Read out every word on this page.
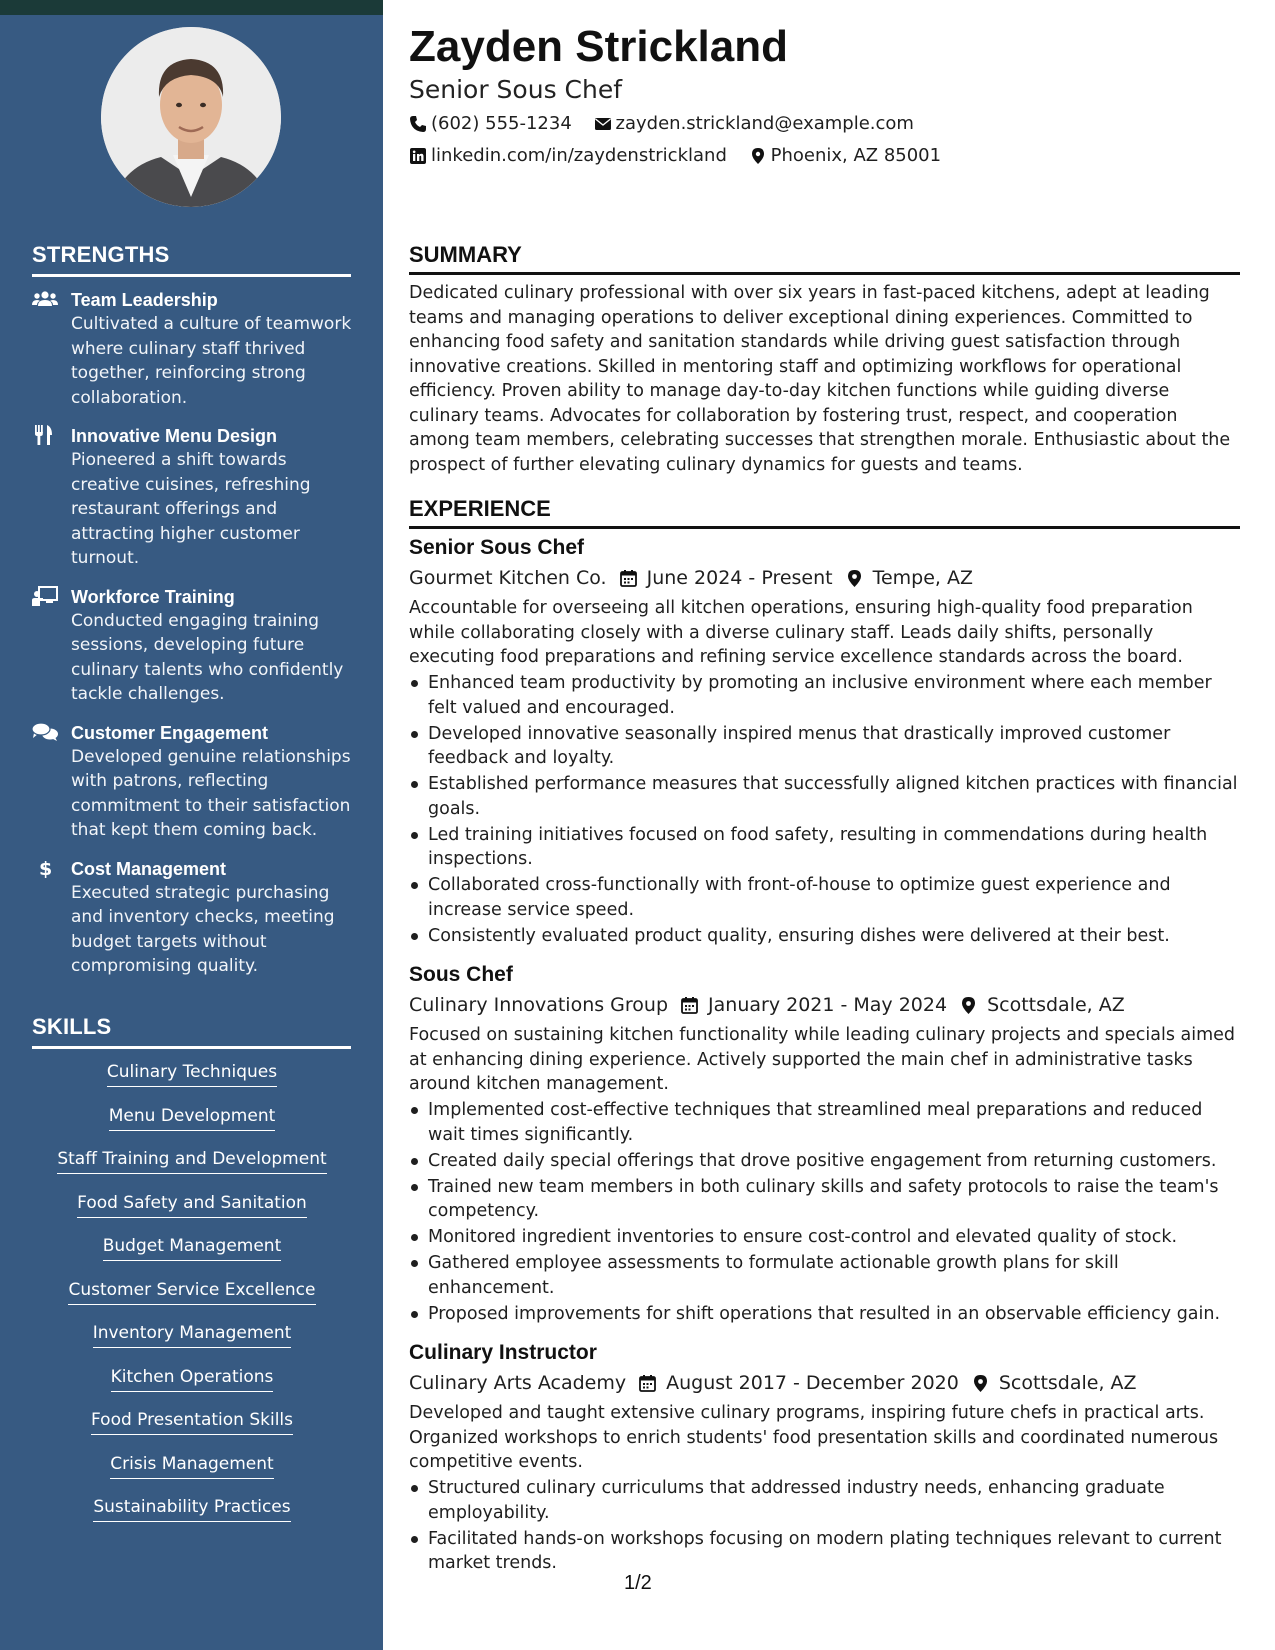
STRENGTHS
Team Leadership
Cultivated a culture of teamwork where culinary staff thrived together, reinforcing strong collaboration.
Innovative Menu Design
Pioneered a shift towards creative cuisines, refreshing restaurant offerings and attracting higher customer turnout.
Workforce Training
Conducted engaging training sessions, developing future culinary talents who confidently tackle challenges.
Customer Engagement
Developed genuine relationships with patrons, reflecting commitment to their satisfaction that kept them coming back.
$ Cost Management
Executed strategic purchasing and inventory checks, meeting budget targets without compromising quality.
SKILLS
Culinary Techniques
Menu Development
Staff Training and Development
Food Safety and Sanitation
Budget Management
Customer Service Excellence
Inventory Management
Kitchen Operations
Food Presentation Skills
Crisis Management
Sustainability Practices
Zayden Strickland
Senior Sous Chef
(602) 555-1234
zayden.strickland@example.com
linkedin.com/in/zaydenstrickland
Phoenix, AZ 85001
SUMMARY

Dedicated culinary professional with over six years in fast-paced kitchens, adept at leading teams and managing operations to deliver exceptional dining experiences. Committed to enhancing food safety and sanitation standards while driving guest satisfaction through innovative creations. Skilled in mentoring staff and optimizing workflows for operational efficiency. Proven ability to manage day-to-day kitchen functions while guiding diverse culinary teams. Advocates for collaboration by fostering trust, respect, and cooperation among team members, celebrating successes that strengthen morale. Enthusiastic about the prospect of further elevating culinary dynamics for guests and teams.

EXPERIENCE
Senior Sous Chef
Gourmet Kitchen Co. June 2024 - Present Tempe, AZ
Accountable for overseeing all kitchen operations, ensuring high-quality food preparation while collaborating closely with a diverse culinary staff. Leads daily shifts, personally executing food preparations and refining service excellence standards across the board.
Enhanced team productivity by promoting an inclusive environment where each member felt valued and encouraged.
Developed innovative seasonally inspired menus that drastically improved customer feedback and loyalty.
Established performance measures that successfully aligned kitchen practices with financial goals.
Led training initiatives focused on food safety, resulting in commendations during health inspections.
Collaborated cross-functionally with front-of-house to optimize guest experience and increase service speed.
Consistently evaluated product quality, ensuring dishes were delivered at their best.
Sous Chef
Culinary Innovations Group January 2021 - May 2024 Scottsdale, AZ
Focused on sustaining kitchen functionality while leading culinary projects and specials aimed at enhancing dining experience. Actively supported the main chef in administrative tasks around kitchen management.
Implemented cost-effective techniques that streamlined meal preparations and reduced wait times significantly.
Created daily special offerings that drove positive engagement from returning customers.
Trained new team members in both culinary skills and safety protocols to raise the team's competency.
Monitored ingredient inventories to ensure cost-control and elevated quality of stock.
Gathered employee assessments to formulate actionable growth plans for skill enhancement.
Proposed improvements for shift operations that resulted in an observable efficiency gain.
Culinary Instructor
Culinary Arts Academy August 2017 - December 2020 Scottsdale, AZ
Developed and taught extensive culinary programs, inspiring future chefs in practical arts. Organized workshops to enrich students' food presentation skills and coordinated numerous competitive events.
Structured culinary curriculums that addressed industry needs, enhancing graduate employability.
Facilitated hands-on workshops focusing on modern plating techniques relevant to current market trends.
1/2
